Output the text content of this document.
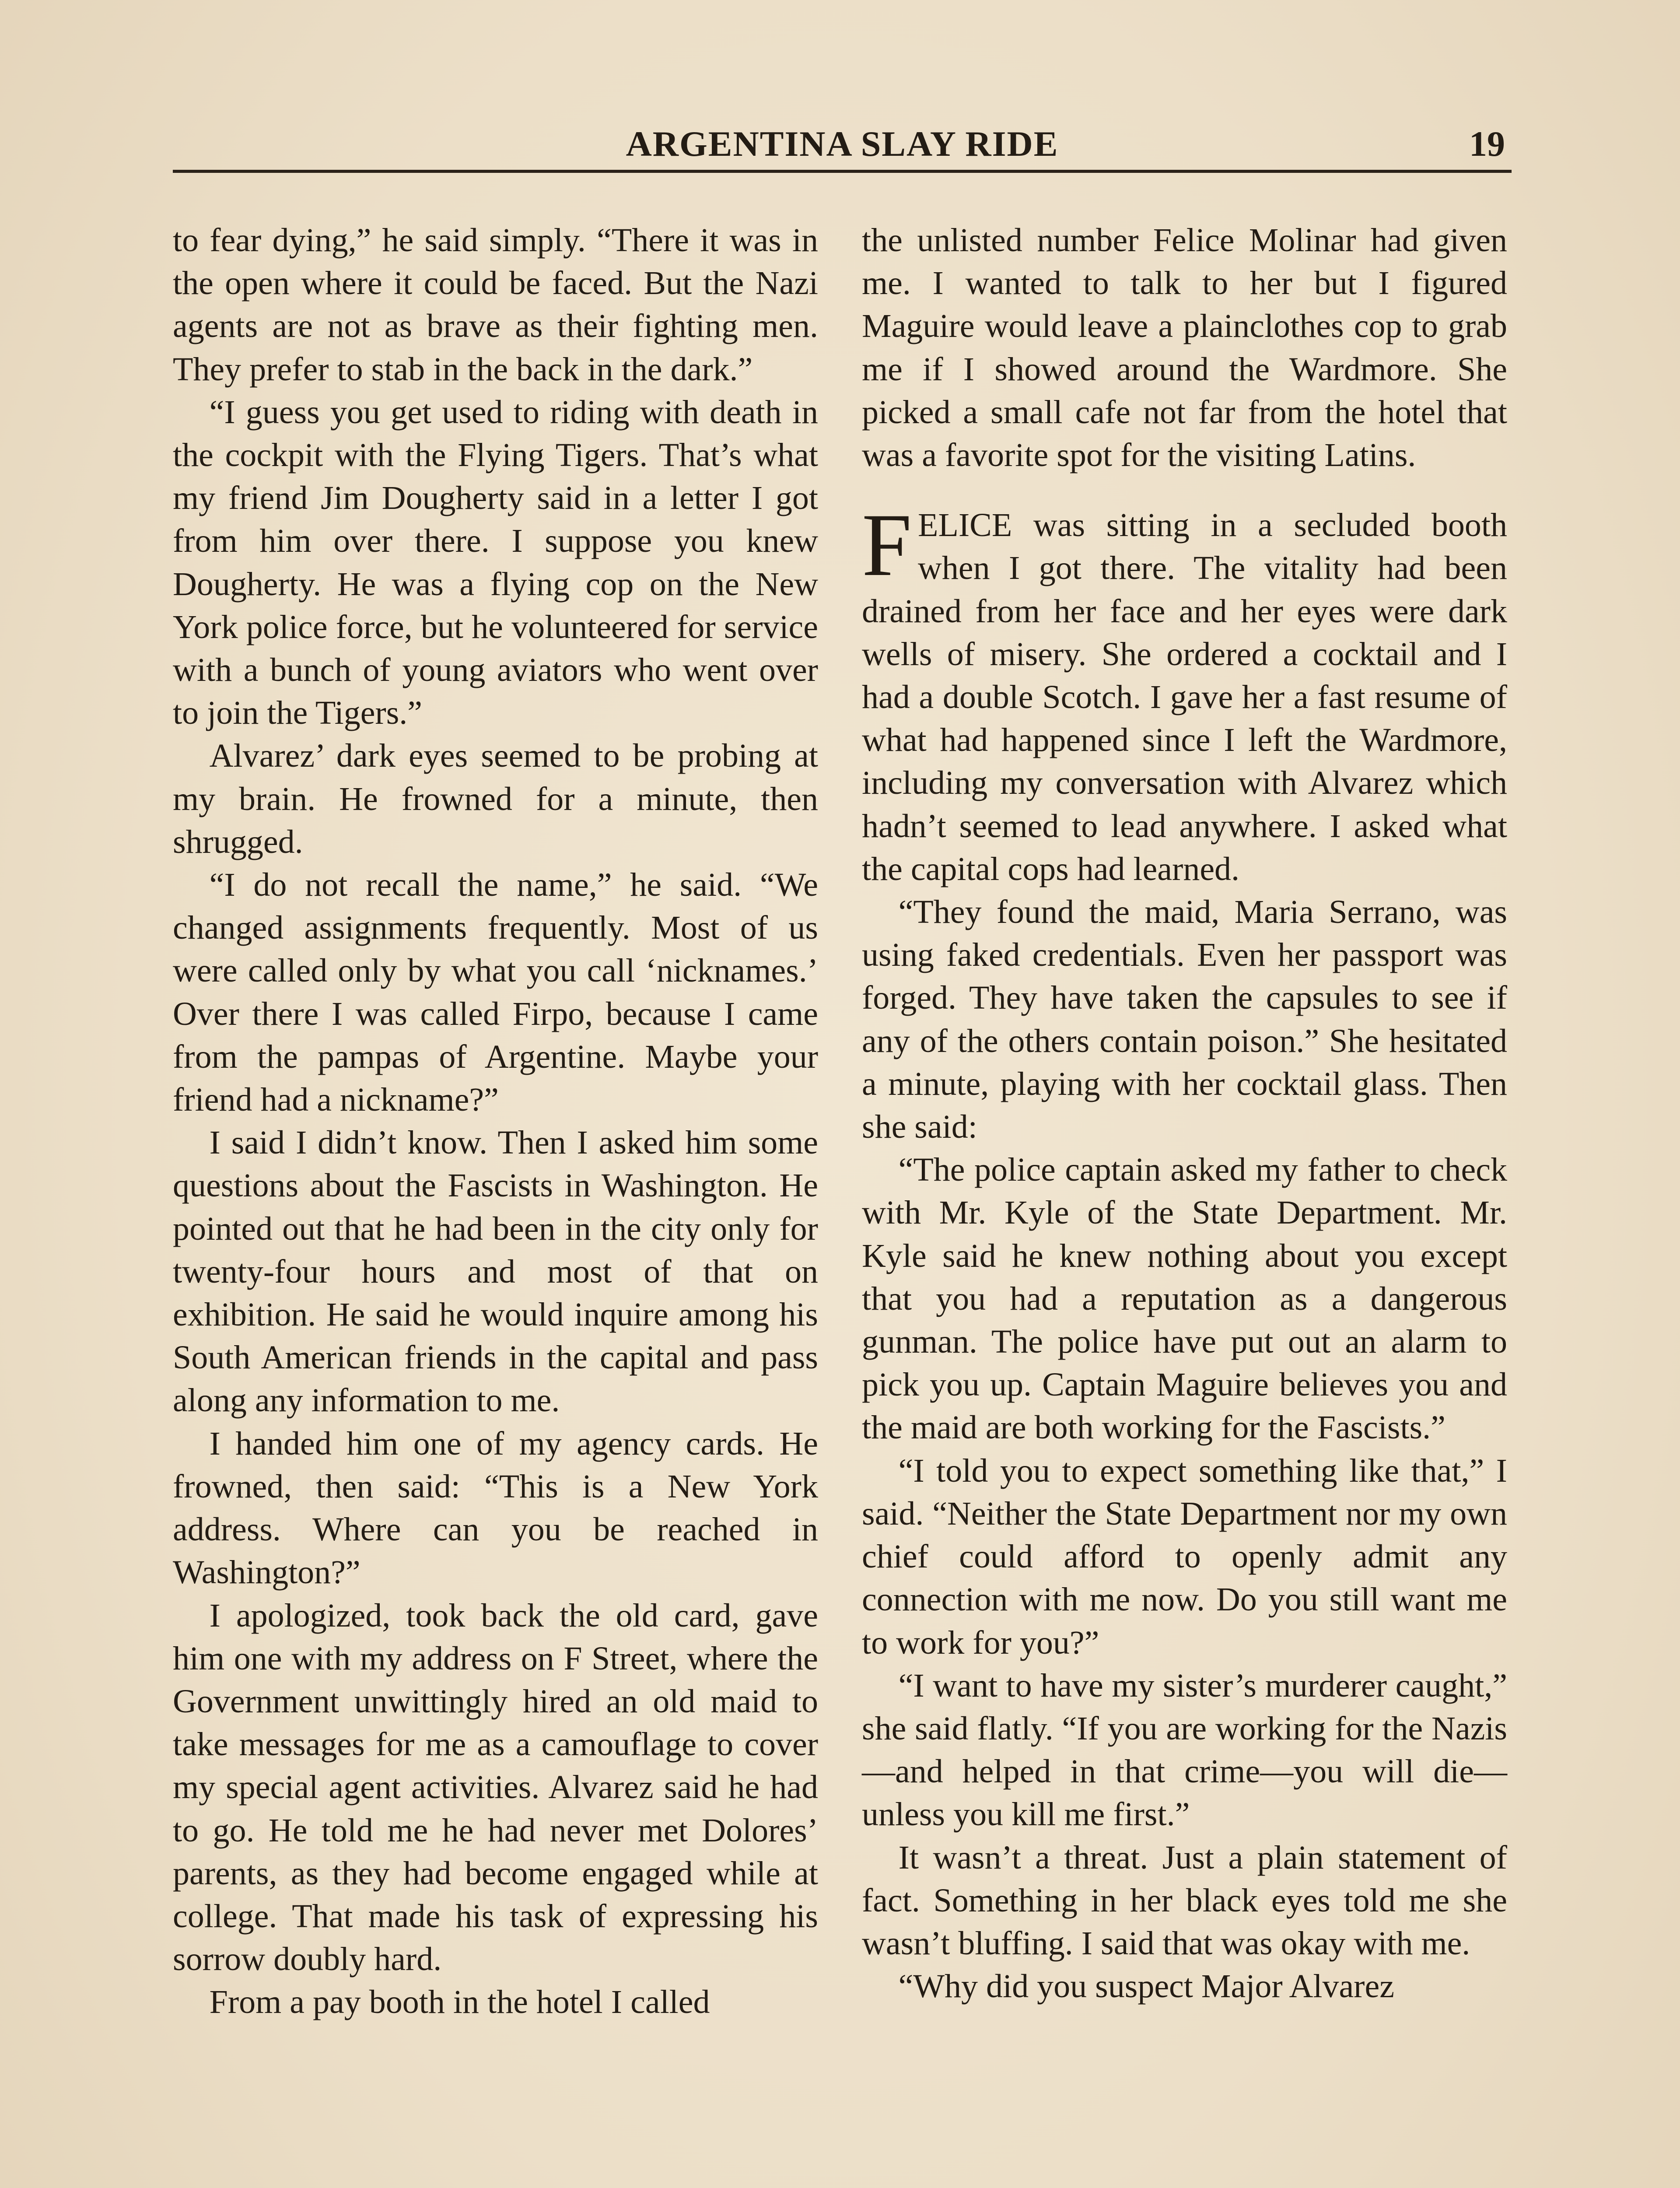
ARGENTINA SLAY RIDE	19

to fear dying,” he said simply. “There it was in the open where it could be faced. But the Nazi agents are not as brave as their fighting men. They prefer to stab in the back in the dark.”

“I guess you get used to riding with death in the cockpit with the Flying Tigers. That’s what my friend Jim Dougherty said in a letter I got from him over there. I suppose you knew Dougherty. He was a flying cop on the New York police force, but he volunteered for service with a bunch of young aviators who went over to join the Tigers.”

Alvarez’ dark eyes seemed to be probing at my brain. He frowned for a minute, then shrugged.

“I do not recall the name,” he said. “We changed assignments frequently. Most of us were called only by what you call ‘nicknames.’ Over there I was called Firpo, because I came from the pampas of Argentine. Maybe your friend had a nickname?”

I said I didn’t know. Then I asked him some questions about the Fascists in Washington. He pointed out that he had been in the city only for twenty-four hours and most of that on exhibition. He said he would inquire among his South American friends in the capital and pass along any information to me.

I handed him one of my agency cards. He frowned, then said: “This is a New York address. Where can you be reached in Washington?”

I apologized, took back the old card, gave him one with my address on F Street, where the Government unwittingly hired an old maid to take messages for me as a camouflage to cover my special agent activities. Alvarez said he had to go. He told me he had never met Dolores’ parents, as they had become engaged while at college. That made his task of expressing his sorrow doubly hard.

From a pay booth in the hotel I called

the unlisted number Felice Molinar had given me. I wanted to talk to her but I figured Maguire would leave a plainclothes cop to grab me if I showed around the Wardmore. She picked a small cafe not far from the hotel that was a favorite spot for the visiting Latins.

FELICE was sitting in a secluded booth when I got there. The vitality had been drained from her face and her eyes were dark wells of misery. She ordered a cocktail and I had a double Scotch. I gave her a fast resume of what had happened since I left the Wardmore, including my conversation with Alvarez which hadn’t seemed to lead anywhere. I asked what the capital cops had learned.

“They found the maid, Maria Serrano, was using faked credentials. Even her passport was forged. They have taken the capsules to see if any of the others contain poison.” She hesitated a minute, playing with her cocktail glass. Then she said:

“The police captain asked my father to check with Mr. Kyle of the State Department. Mr. Kyle said he knew nothing about you except that you had a reputation as a dangerous gunman. The police have put out an alarm to pick you up. Captain Maguire believes you and the maid are both working for the Fascists.”

“I told you to expect something like that,” I said. “Neither the State Department nor my own chief could afford to openly admit any connection with me now. Do you still want me to work for you?”

“I want to have my sister’s murderer caught,” she said flatly. “If you are working for the Nazis—and helped in that crime—you will die—unless you kill me first.”

It wasn’t a threat. Just a plain statement of fact. Something in her black eyes told me she wasn’t bluffing. I said that was okay with me.

“Why did you suspect Major Alvarez
